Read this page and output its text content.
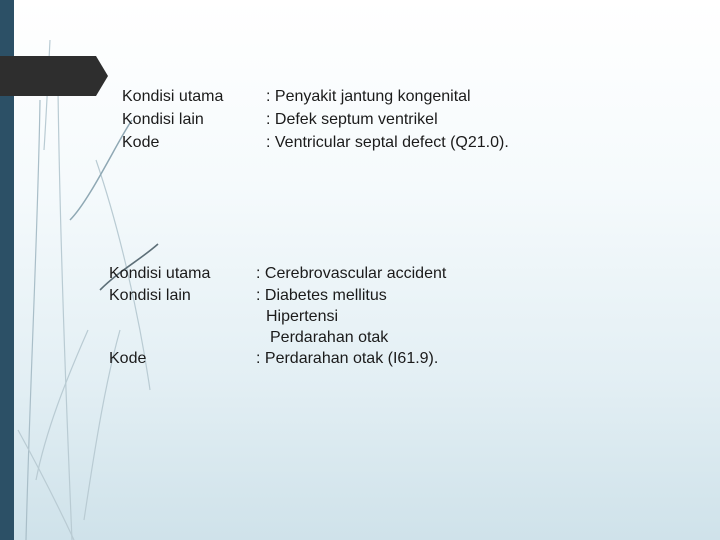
Kondisi utama
Kondisi lain
Kode
: Penyakit jantung kongenital
: Defek septum ventrikel
: Ventricular septal defect (Q21.0).
Kondisi utama
Kondisi lain
Kode
: Cerebrovascular accident
: Diabetes mellitus
Hipertensi
Perdarahan otak
: Perdarahan otak (I61.9).
